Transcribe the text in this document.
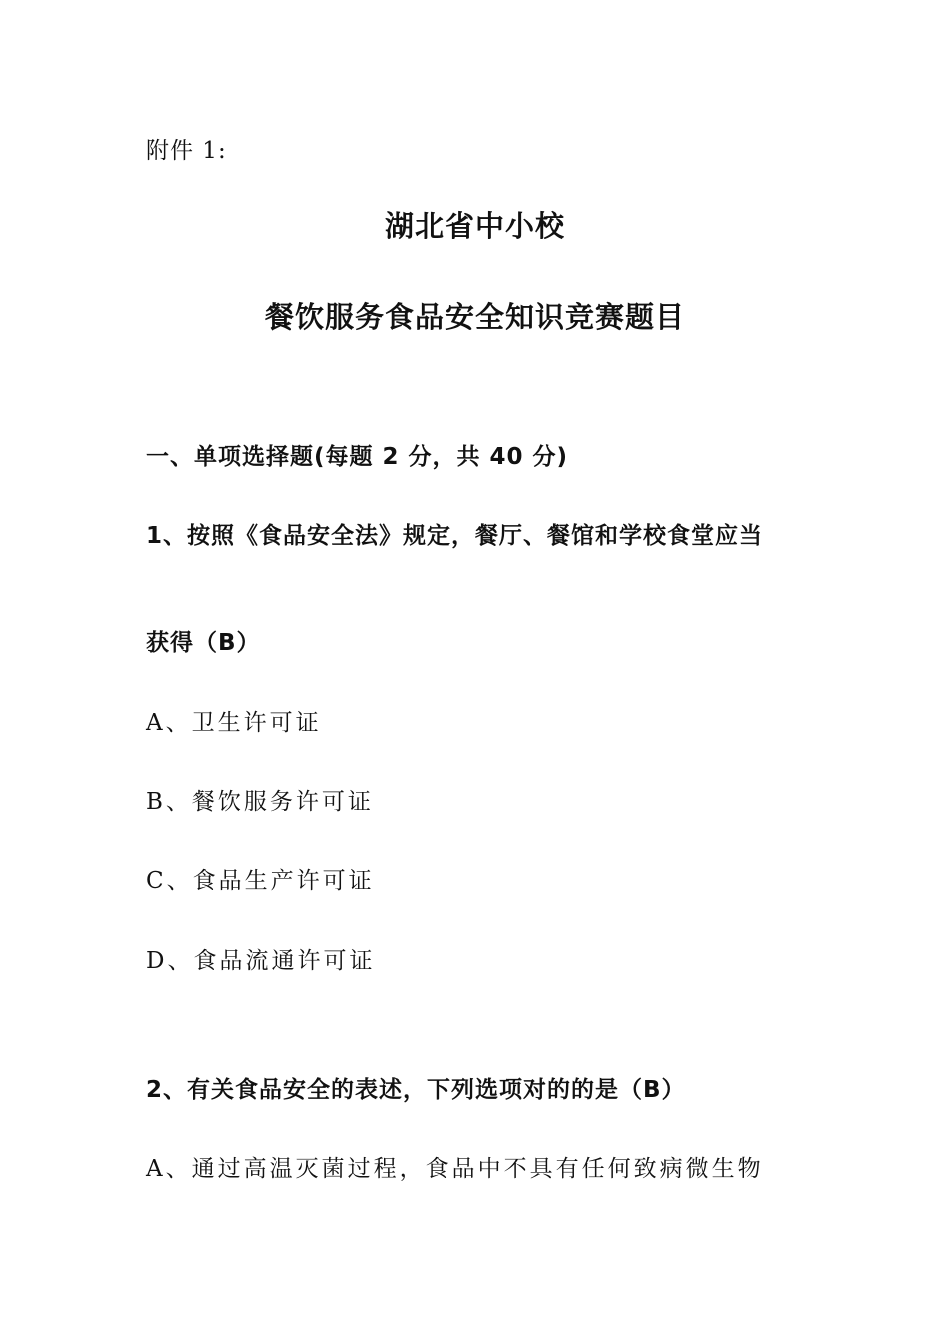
附件 1:
湖北省中小校
餐饮服务食品安全知识竞赛题目
一、单项选择题(每题 2 分，共 40 分)
1、按照《食品安全法》规定，餐厅、餐馆和学校食堂应当
获得（B）
A、卫生许可证
B、餐饮服务许可证
C、食品生产许可证
D、食品流通许可证
2、有关食品安全的表述，下列选项对的的是（B）
A、通过高温灭菌过程，食品中不具有任何致病微生物
